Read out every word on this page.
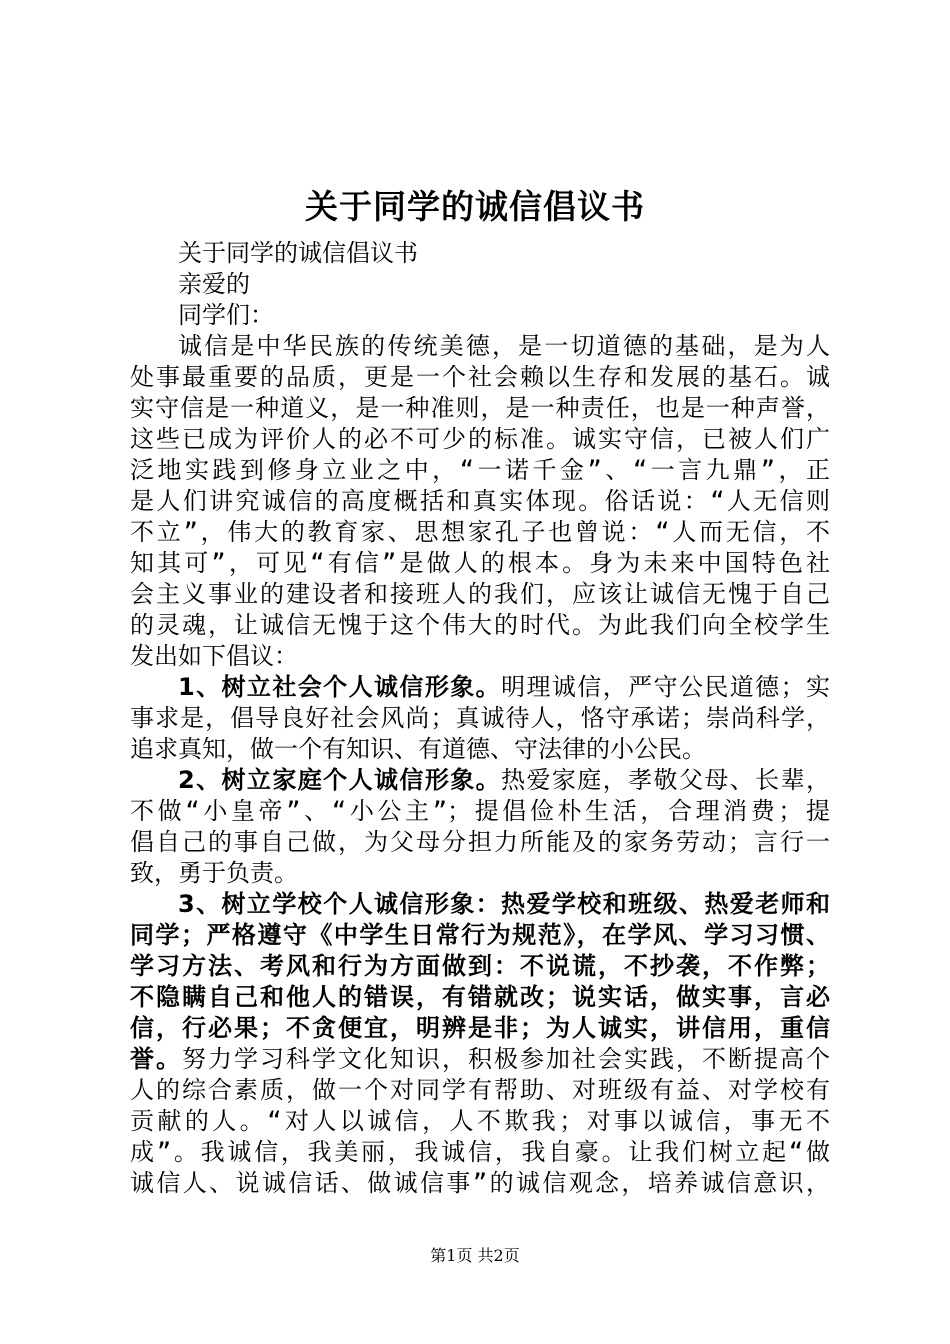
关于同学的诚信倡议书
关于同学的诚信倡议书
亲爱的
同学们：
诚信是中华民族的传统美德，是一切道德的基础，是为人
处事最重要的品质，更是一个社会赖以生存和发展的基石。诚
实守信是一种道义，是一种准则，是一种责任，也是一种声誉，
这些已成为评价人的必不可少的标准。诚实守信，已被人们广
泛地实践到修身立业之中，“一诺千金”、“一言九鼎”，正
是人们讲究诚信的高度概括和真实体现。俗话说：“人无信则
不立”，伟大的教育家、思想家孔子也曾说：“人而无信，不
知其可”，可见“有信”是做人的根本。身为未来中国特色社
会主义事业的建设者和接班人的我们，应该让诚信无愧于自己
的灵魂，让诚信无愧于这个伟大的时代。为此我们向全校学生
发出如下倡议：
1、树立社会个人诚信形象。明理诚信，严守公民道德；实
事求是，倡导良好社会风尚；真诚待人，恪守承诺；崇尚科学，
追求真知，做一个有知识、有道德、守法律的小公民。
2、树立家庭个人诚信形象。热爱家庭，孝敬父母、长辈，
不做“小皇帝”、“小公主”；提倡俭朴生活，合理消费；提
倡自己的事自己做，为父母分担力所能及的家务劳动；言行一
致，勇于负责。
3、树立学校个人诚信形象：热爱学校和班级、热爱老师和
同学；严格遵守《中学生日常行为规范》，在学风、学习习惯、
学习方法、考风和行为方面做到：不说谎，不抄袭，不作弊；
不隐瞒自己和他人的错误，有错就改；说实话，做实事，言必
信，行必果；不贪便宜，明辨是非；为人诚实，讲信用，重信
誉。努力学习科学文化知识，积极参加社会实践，不断提高个
人的综合素质，做一个对同学有帮助、对班级有益、对学校有
贡献的人。“对人以诚信，人不欺我；对事以诚信，事无不
成”。我诚信，我美丽，我诚信，我自豪。让我们树立起“做
诚信人、说诚信话、做诚信事”的诚信观念，培养诚信意识，
第1页 共2页
